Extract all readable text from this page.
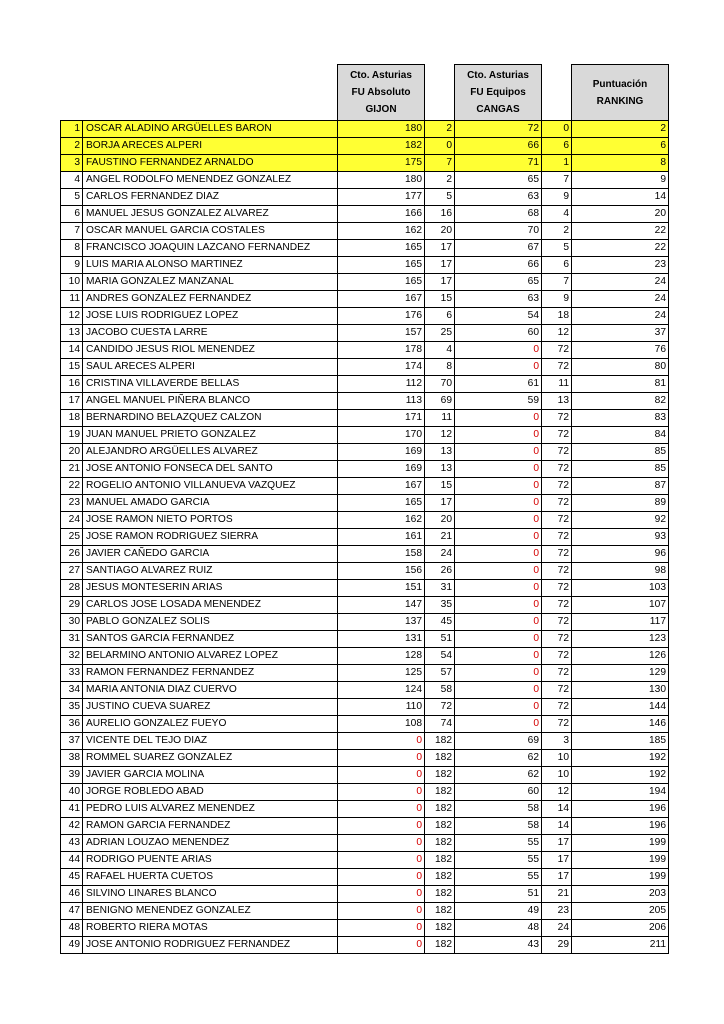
		Cto. Asturias
FU Absoluto
GIJON		Cto. Asturias
FU Equipos
CANGAS		Puntuación
RANKING

1	OSCAR ALADINO ARGÜELLES BARON	180	2	72	0	2
2	BORJA ARECES ALPERI	182	0	66	6	6
3	FAUSTINO FERNANDEZ ARNALDO	175	7	71	1	8
4	ANGEL RODOLFO MENENDEZ GONZALEZ	180	2	65	7	9
5	CARLOS FERNANDEZ DIAZ	177	5	63	9	14
6	MANUEL JESUS GONZALEZ ALVAREZ	166	16	68	4	20
7	OSCAR MANUEL GARCIA COSTALES	162	20	70	2	22
8	FRANCISCO JOAQUIN LAZCANO FERNANDEZ	165	17	67	5	22
9	LUIS MARIA ALONSO MARTINEZ	165	17	66	6	23
10	MARIA GONZALEZ MANZANAL	165	17	65	7	24
11	ANDRES GONZALEZ FERNANDEZ	167	15	63	9	24
12	JOSE LUIS RODRIGUEZ LOPEZ	176	6	54	18	24
13	JACOBO CUESTA LARRE	157	25	60	12	37
14	CANDIDO JESUS RIOL MENENDEZ	178	4	0	72	76
15	SAUL ARECES ALPERI	174	8	0	72	80
16	CRISTINA VILLAVERDE BELLAS	112	70	61	11	81
17	ANGEL MANUEL PIÑERA BLANCO	113	69	59	13	82
18	BERNARDINO BELAZQUEZ CALZON	171	11	0	72	83
19	JUAN MANUEL PRIETO GONZALEZ	170	12	0	72	84
20	ALEJANDRO ARGÜELLES ALVAREZ	169	13	0	72	85
21	JOSE ANTONIO FONSECA DEL SANTO	169	13	0	72	85
22	ROGELIO ANTONIO VILLANUEVA VAZQUEZ	167	15	0	72	87
23	MANUEL AMADO GARCIA	165	17	0	72	89
24	JOSE RAMON NIETO PORTOS	162	20	0	72	92
25	JOSE RAMON RODRIGUEZ SIERRA	161	21	0	72	93
26	JAVIER CAÑEDO GARCIA	158	24	0	72	96
27	SANTIAGO ALVAREZ RUIZ	156	26	0	72	98
28	JESUS MONTESERIN ARIAS	151	31	0	72	103
29	CARLOS JOSE LOSADA MENENDEZ	147	35	0	72	107
30	PABLO GONZALEZ SOLIS	137	45	0	72	117
31	SANTOS GARCIA FERNANDEZ	131	51	0	72	123
32	BELARMINO ANTONIO ALVAREZ LOPEZ	128	54	0	72	126
33	RAMON FERNANDEZ FERNANDEZ	125	57	0	72	129
34	MARIA ANTONIA DIAZ CUERVO	124	58	0	72	130
35	JUSTINO CUEVA SUAREZ	110	72	0	72	144
36	AURELIO GONZALEZ FUEYO	108	74	0	72	146
37	VICENTE DEL TEJO DIAZ	0	182	69	3	185
38	ROMMEL SUAREZ GONZALEZ	0	182	62	10	192
39	JAVIER GARCIA MOLINA	0	182	62	10	192
40	JORGE ROBLEDO ABAD	0	182	60	12	194
41	PEDRO LUIS ALVAREZ MENENDEZ	0	182	58	14	196
42	RAMON GARCIA FERNANDEZ	0	182	58	14	196
43	ADRIAN LOUZAO MENENDEZ	0	182	55	17	199
44	RODRIGO PUENTE ARIAS	0	182	55	17	199
45	RAFAEL HUERTA CUETOS	0	182	55	17	199
46	SILVINO LINARES BLANCO	0	182	51	21	203
47	BENIGNO MENENDEZ GONZALEZ	0	182	49	23	205
48	ROBERTO RIERA MOTAS	0	182	48	24	206
49	JOSE ANTONIO RODRIGUEZ FERNANDEZ	0	182	43	29	211
